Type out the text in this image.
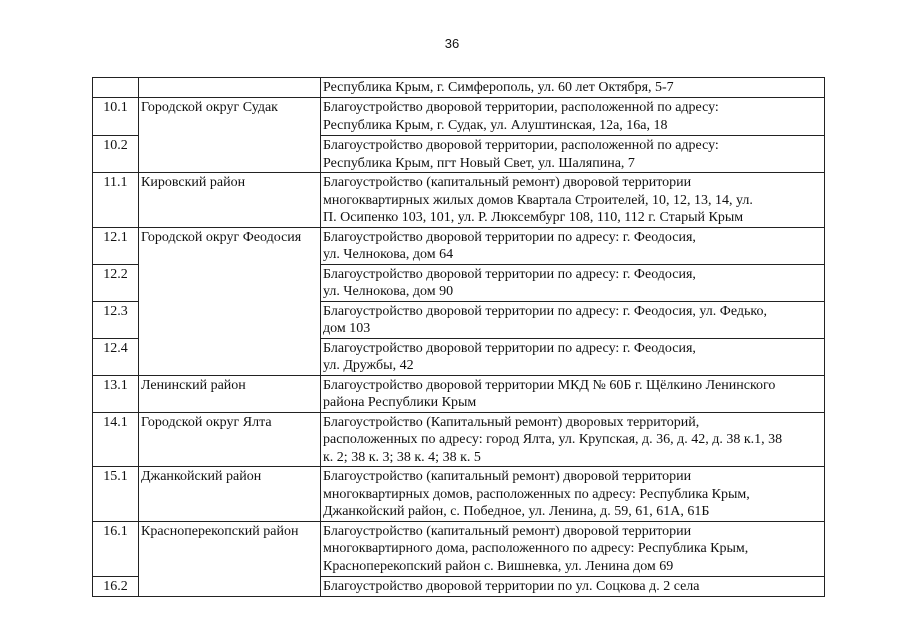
36

		Республика Крым, г. Симферополь, ул. 60 лет Октября, 5-7

10.1	Городской округ Судак	Благоустройство дворовой территории, расположенной по адресу:
Республика Крым, г. Судак, ул. Алуштинская, 12а, 16а, 18

10.2		Благоустройство дворовой территории, расположенной по адресу:
Республика Крым, пгт Новый Свет, ул. Шаляпина, 7

11.1	Кировский район	Благоустройство (капитальный ремонт) дворовой территории
многоквартирных жилых домов Квартала Строителей, 10, 12, 13, 14, ул.
П. Осипенко 103, 101, ул. Р. Люксембург 108, 110, 112 г. Старый Крым

12.1	Городской округ Феодосия	Благоустройство дворовой территории по адресу: г. Феодосия,
ул. Челнокова, дом 64

12.2		Благоустройство дворовой территории по адресу: г. Феодосия,
ул. Челнокова, дом 90

12.3		Благоустройство дворовой территории по адресу: г. Феодосия, ул. Федько,
дом 103

12.4		Благоустройство дворовой территории по адресу: г. Феодосия,
ул. Дружбы, 42

13.1	Ленинский район	Благоустройство дворовой территории МКД № 60Б г. Щёлкино Ленинского
района Республики Крым

14.1	Городской округ Ялта	Благоустройство (Капитальный ремонт) дворовых территорий,
расположенных по адресу: город Ялта, ул. Крупская, д. 36, д. 42, д. 38 к.1, 38
к. 2; 38 к. 3; 38 к. 4; 38 к. 5

15.1	Джанкойский район	Благоустройство (капитальный ремонт) дворовой территории
многоквартирных домов, расположенных по адресу: Республика Крым,
Джанкойский район, с. Победное, ул. Ленина, д. 59, 61, 61А, 61Б

16.1	Красноперекопский район	Благоустройство (капитальный ремонт) дворовой территории
многоквартирного дома, расположенного по адресу: Республика Крым,
Красноперекопский район с. Вишневка, ул. Ленина дом 69

16.2		Благоустройство дворовой территории по ул. Соцкова д. 2 села
